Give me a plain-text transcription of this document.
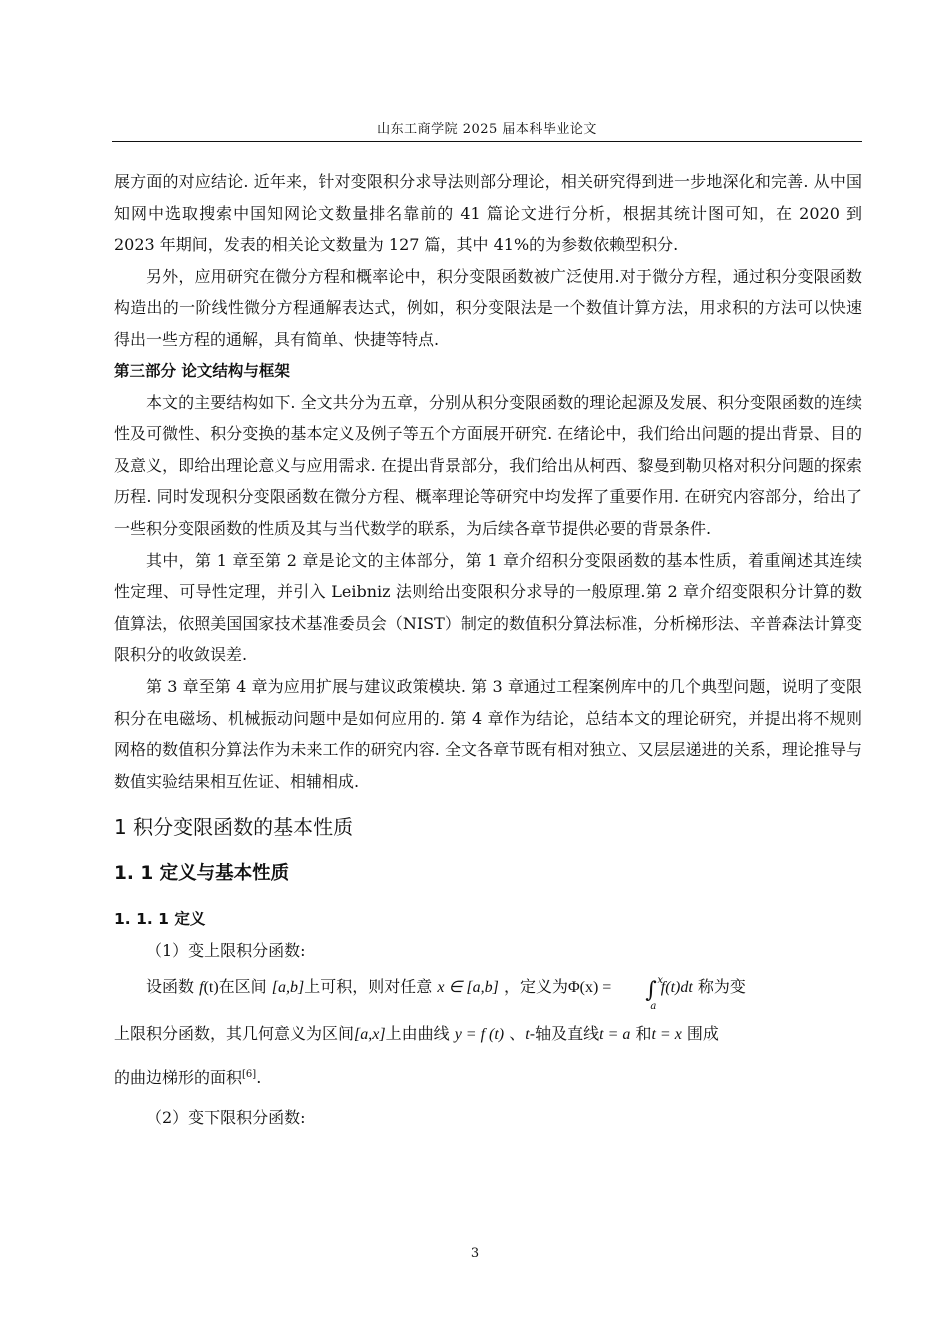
山东工商学院 2025 届本科毕业论文

展方面的对应结论. 近年来，针对变限积分求导法则部分理论，相关研究得到进一步地深化和完善. 从中国知网中选取搜索中国知网论文数量排名靠前的 41 篇论文进行分析，根据其统计图可知，在 2020 到 2023 年期间，发表的相关论文数量为 127 篇，其中 41%的为参数依赖型积分.

另外，应用研究在微分方程和概率论中，积分变限函数被广泛使用.对于微分方程，通过积分变限函数构造出的一阶线性微分方程通解表达式，例如，积分变限法是一个数值计算方法，用求积的方法可以快速得出一些方程的通解，具有简单、快捷等特点.

第三部分 论文结构与框架

本文的主要结构如下. 全文共分为五章，分别从积分变限函数的理论起源及发展、积分变限函数的连续性及可微性、积分变换的基本定义及例子等五个方面展开研究. 在绪论中，我们给出问题的提出背景、目的及意义，即给出理论意义与应用需求. 在提出背景部分，我们给出从柯西、黎曼到勒贝格对积分问题的探索历程. 同时发现积分变限函数在微分方程、概率理论等研究中均发挥了重要作用. 在研究内容部分，给出了一些积分变限函数的性质及其与当代数学的联系，为后续各章节提供必要的背景条件.

其中，第 1 章至第 2 章是论文的主体部分，第 1 章介绍积分变限函数的基本性质，着重阐述其连续性定理、可导性定理，并引入 Leibniz 法则给出变限积分求导的一般原理.第 2 章介绍变限积分计算的数值算法，依照美国国家技术基准委员会（NIST）制定的数值积分算法标准，分析梯形法、辛普森法计算变限积分的收敛误差.

第 3 章至第 4 章为应用扩展与建议政策模块. 第 3 章通过工程案例库中的几个典型问题，说明了变限积分在电磁场、机械振动问题中是如何应用的. 第 4 章作为结论，总结本文的理论研究，并提出将不规则网格的数值积分算法作为未来工作的研究内容. 全文各章节既有相对独立、又层层递进的关系，理论推导与数值实验结果相互佐证、相辅相成.

1 积分变限函数的基本性质
1. 1 定义与基本性质
1. 1. 1 定义

（1）变上限积分函数:

设函数 f(t)在区间 [a,b]上可积，则对任意 x ∈ [a,b] ，定义为Φ(x) = ∫ x
a
f(t)dt 称为变

上限积分函数，其几何意义为区间[a,x]上由曲线 y = f (t) 、t-轴及直线t = a 和t = x 围成

的曲边梯形的面积[6].

（2）变下限积分函数:

3
